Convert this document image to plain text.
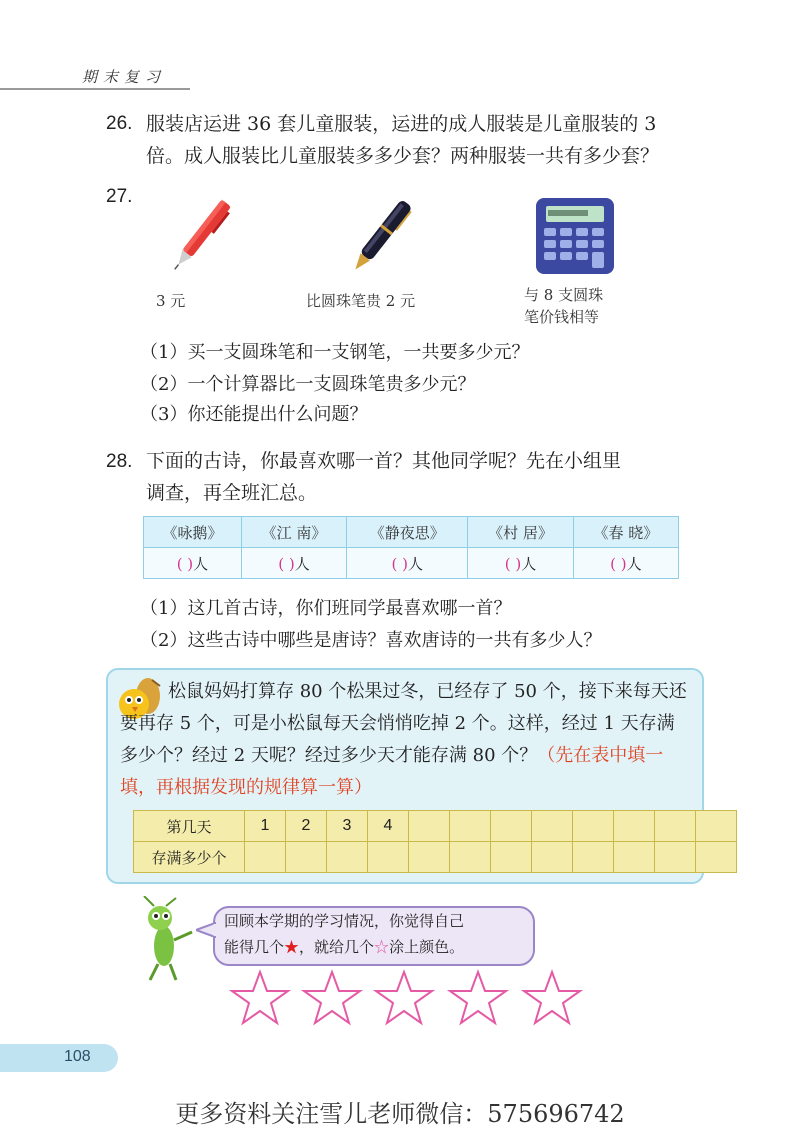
期末复习
26. 服装店运进 36 套儿童服装，运进的成人服装是儿童服装的 3
倍。成人服装比儿童服装多多少套？两种服装一共有多少套？
27.
3 元	比圆珠笔贵 2 元	与 8 支圆珠
笔价钱相等
（1）买一支圆珠笔和一支钢笔，一共要多少元？
（2）一个计算器比一支圆珠笔贵多少元？
（3）你还能提出什么问题？
28. 下面的古诗，你最喜欢哪一首？其他同学呢？先在小组里
调查，再全班汇总。
《咏鹅》	《江 南》	《静夜思》	《村 居》	《春 晓》
( )人	( )人	( )人	( )人	( )人
（1）这几首古诗，你们班同学最喜欢哪一首？
（2）这些古诗中哪些是唐诗？喜欢唐诗的一共有多少人？
松鼠妈妈打算存 80 个松果过冬，已经存了 50 个，接下来每天还要再存 5 个，可是小松鼠每天会悄悄吃掉 2 个。这样，经过 1 天存满多少个？经过 2 天呢？经过多少天才能存满 80 个？（先在表中填一填，再根据发现的规律算一算）
第几天	1	2	3	4								
存满多少个												
回顾本学期的学习情况，你觉得自己
能得几个★，就给几个☆涂上颜色。
108
更多资料关注雪儿老师微信：575696742
